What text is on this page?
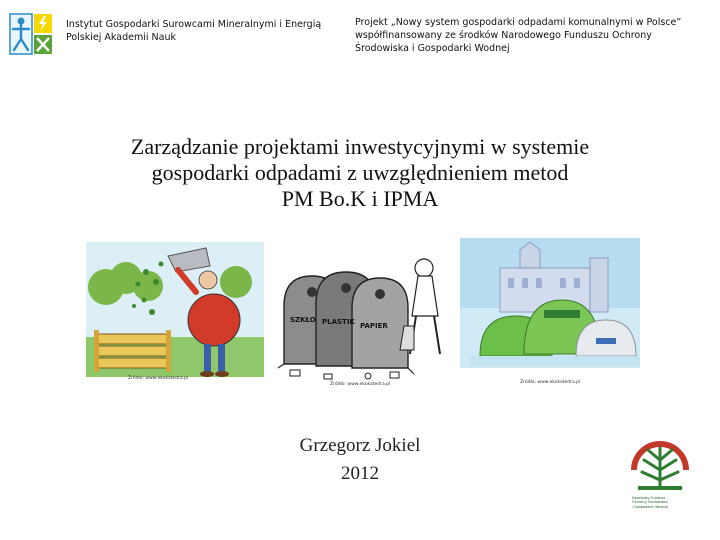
Instytut Gospodarki Surowcami Mineralnymi i Energią
Polskiej Akademii Nauk
Projekt „Nowy system gospodarki odpadami komunalnymi w Polsce”
współfinansowany ze środków Narodowego Funduszu Ochrony
Środowiska i Gospodarki Wodnej
Zarządzanie projektami inwestycyjnymi w systemie
gospodarki odpadami z uwzględnieniem metod
PM Bo.K i IPMA
Źródło: www.ekokatedra.pl
SZKŁO PLASTIK PAPIER
Źródło: www.ekokatedra.pl	Źródło: www.ekokatedra.pl
Grzegorz Jokiel
2012
Narodowy Fundusz
Ochrony Środowiska
i Gospodarki Wodnej
